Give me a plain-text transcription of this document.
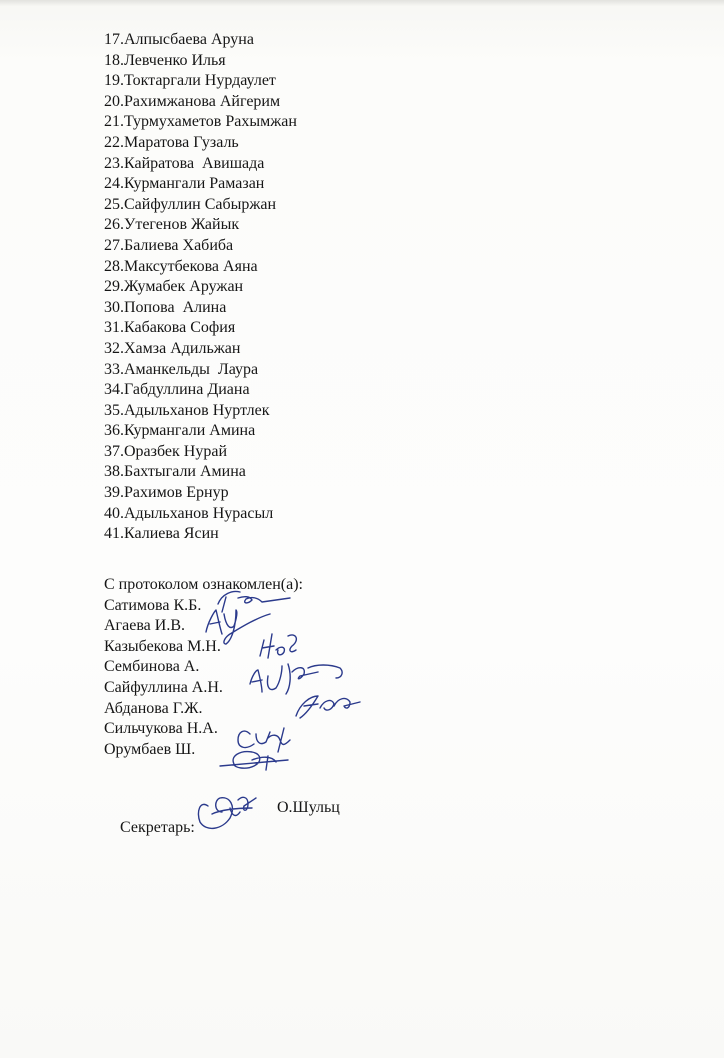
17.Алпысбаева Аруна
18.Левченко Илья
19.Токтаргали Нурдаулет
20.Рахимжанова Айгерим
21.Турмухаметов Рахымжан
22.Маратова Гузаль
23.Кайратова  Авишада
24.Курмангали Рамазан
25.Сайфуллин Сабыржан
26.Утегенов Жайык
27.Балиева Хабиба
28.Максутбекова Аяна
29.Жумабек Аружан
30.Попова  Алина
31.Кабакова София
32.Хамза Адильжан
33.Аманкельды  Лаура
34.Габдуллина Диана
35.Адыльханов Нуртлек
36.Курмангали Амина
37.Оразбек Нурай
38.Бахтыгали Амина
39.Рахимов Ернур
40.Адыльханов Нурасыл
41.Калиева Ясин
С протоколом ознакомлен(а):
Сатимова К.Б.
Агаева И.В.
Казыбекова М.Н.
Сембинова А.
Сайфуллина А.Н.
Абданова Г.Ж.
Сильчукова Н.А.
Орумбаев Ш.

Секретарь:

О.Шульц
